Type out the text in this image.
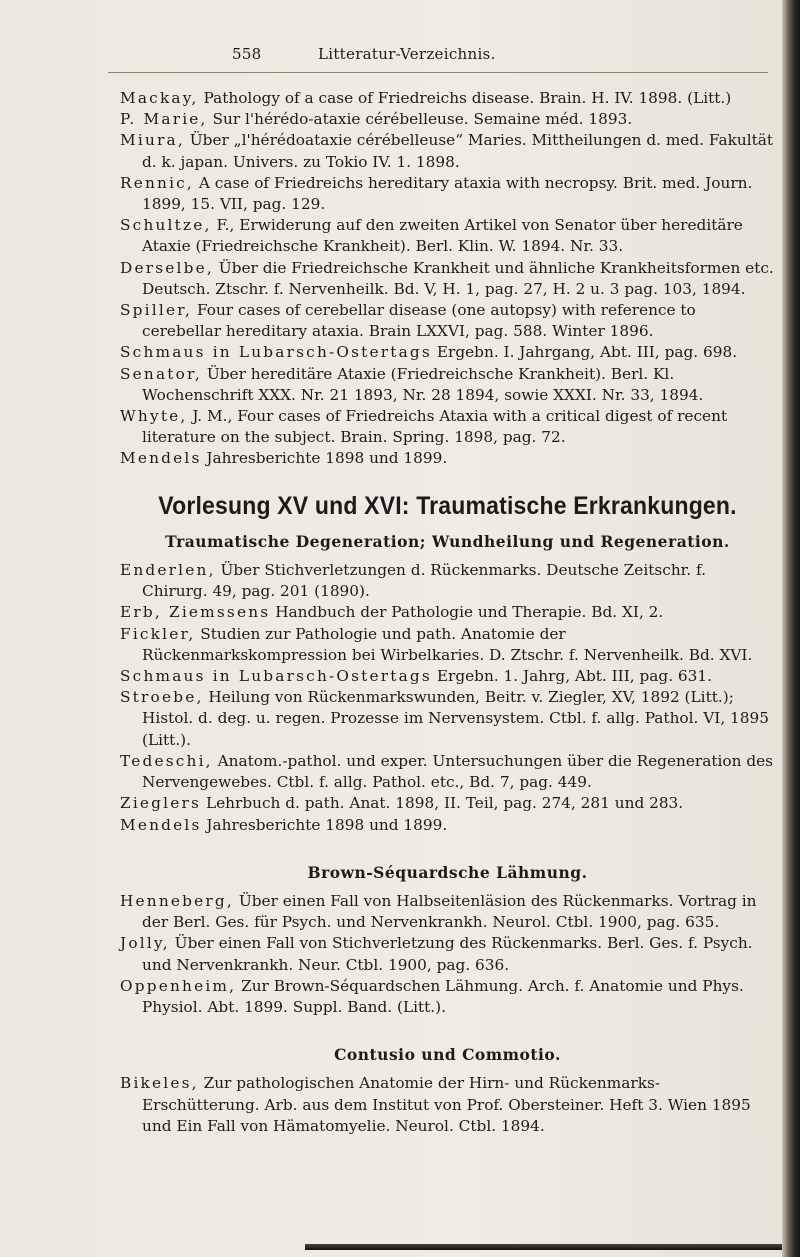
558	Litteratur-Verzeichnis.

Mackay, Pathology of a case of Friedreichs disease. Brain. H. IV. 1898. (Litt.)

P. Marie, Sur l'hérédo-ataxie cérébelleuse. Semaine méd. 1893.

Miura, Über „l'hérédoataxie cérébelleuse“ Maries. Mittheilungen d. med. Fakultät d. k. japan. Univers. zu Tokio IV. 1. 1898.

Rennic, A case of Friedreichs hereditary ataxia with necropsy. Brit. med. Journ. 1899, 15. VII, pag. 129.

Schultze, F., Erwiderung auf den zweiten Artikel von Senator über hereditäre Ataxie (Friedreichsche Krankheit). Berl. Klin. W. 1894. Nr. 33.

Derselbe, Über die Friedreichsche Krankheit und ähnliche Krankheitsformen etc. Deutsch. Ztschr. f. Nervenheilk. Bd. V, H. 1, pag. 27, H. 2 u. 3 pag. 103, 1894.

Spiller, Four cases of cerebellar disease (one autopsy) with reference to cerebellar hereditary ataxia. Brain LXXVI, pag. 588. Winter 1896.

Schmaus in Lubarsch-Ostertags Ergebn. I. Jahrgang, Abt. III, pag. 698.

Senator, Über hereditäre Ataxie (Friedreichsche Krankheit). Berl. Kl. Wochenschrift XXX. Nr. 21 1893, Nr. 28 1894, sowie XXXI. Nr. 33, 1894.

Whyte, J. M., Four cases of Friedreichs Ataxia with a critical digest of recent literature on the subject. Brain. Spring. 1898, pag. 72.

Mendels Jahresberichte 1898 und 1899.

Vorlesung XV und XVI: Traumatische Erkrankungen.
Traumatische Degeneration; Wundheilung und Regeneration.

Enderlen, Über Stichverletzungen d. Rückenmarks. Deutsche Zeitschr. f. Chirurg. 49, pag. 201 (1890).

Erb, Ziemssens Handbuch der Pathologie und Therapie. Bd. XI, 2.

Fickler, Studien zur Pathologie und path. Anatomie der Rückenmarkskompression bei Wirbelkaries. D. Ztschr. f. Nervenheilk. Bd. XVI.

Schmaus in Lubarsch-Ostertags Ergebn. 1. Jahrg, Abt. III, pag. 631.

Stroebe, Heilung von Rückenmarkswunden, Beitr. v. Ziegler, XV, 1892 (Litt.); Histol. d. deg. u. regen. Prozesse im Nervensystem. Ctbl. f. allg. Pathol. VI, 1895 (Litt.).

Tedeschi, Anatom.-pathol. und exper. Untersuchungen über die Regeneration des Nervengewebes. Ctbl. f. allg. Pathol. etc., Bd. 7, pag. 449.

Zieglers Lehrbuch d. path. Anat. 1898, II. Teil, pag. 274, 281 und 283.

Mendels Jahresberichte 1898 und 1899.

Brown-Séquardsche Lähmung.

Henneberg, Über einen Fall von Halbseitenläsion des Rückenmarks. Vortrag in der Berl. Ges. für Psych. und Nervenkrankh. Neurol. Ctbl. 1900, pag. 635.

Jolly, Über einen Fall von Stichverletzung des Rückenmarks. Berl. Ges. f. Psych. und Nervenkrankh. Neur. Ctbl. 1900, pag. 636.

Oppenheim, Zur Brown-Séquardschen Lähmung. Arch. f. Anatomie und Phys. Physiol. Abt. 1899. Suppl. Band. (Litt.).

Contusio und Commotio.

Bikeles, Zur pathologischen Anatomie der Hirn- und Rückenmarks-Erschütterung. Arb. aus dem Institut von Prof. Obersteiner. Heft 3. Wien 1895 und Ein Fall von Hämatomyelie. Neurol. Ctbl. 1894.
